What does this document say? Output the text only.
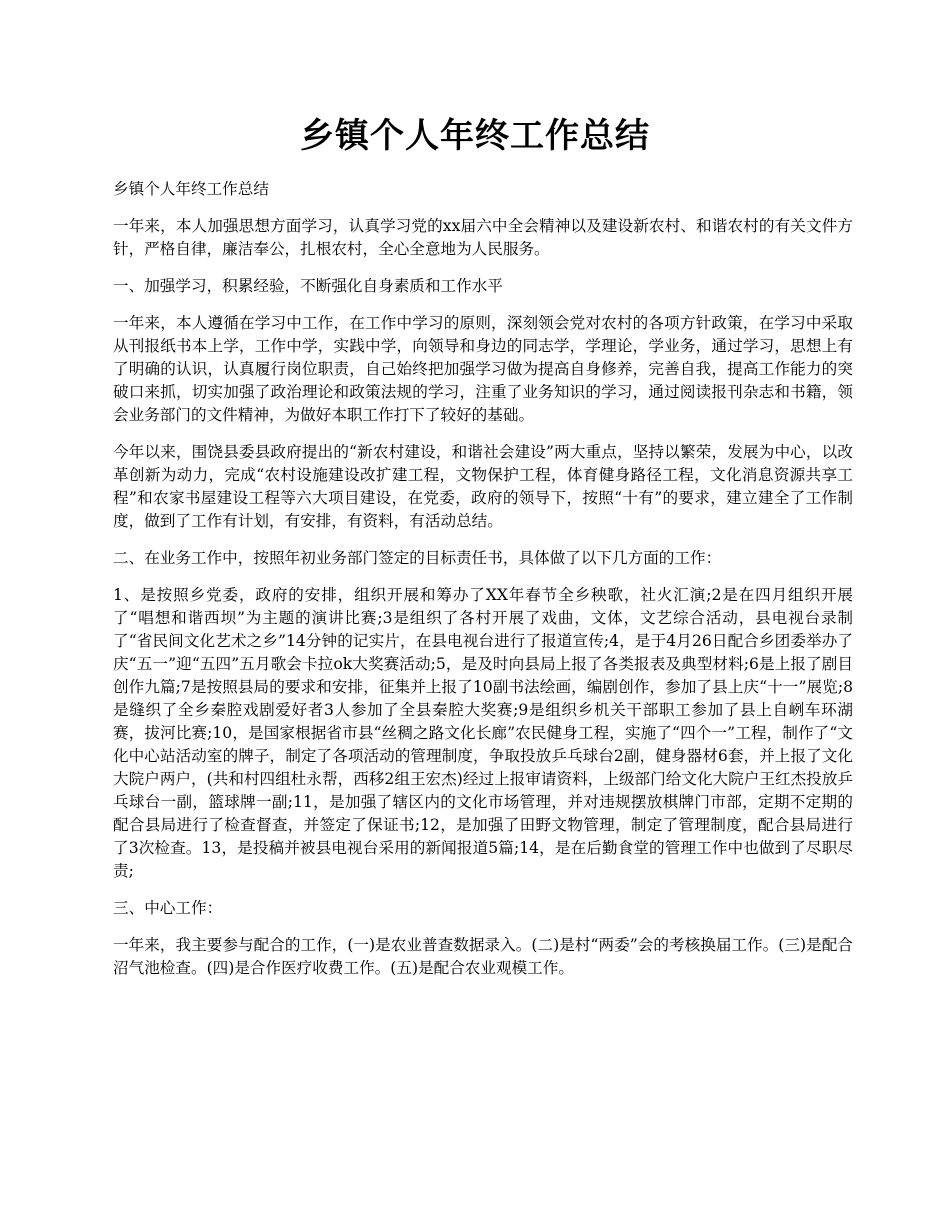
乡镇个人年终工作总结

乡镇个人年终工作总结

一年来，本人加强思想方面学习，认真学习党的xx届六中全会精神以及建设新农村、和谐农村的有关文件方针，严格自律，廉洁奉公，扎根农村，全心全意地为人民服务。

一、加强学习，积累经验，不断强化自身素质和工作水平

一年来，本人遵循在学习中工作，在工作中学习的原则，深刻领会党对农村的各项方针政策，在学习中采取从刊报纸书本上学，工作中学，实践中学，向领导和身边的同志学，学理论，学业务，通过学习，思想上有了明确的认识，认真履行岗位职责，自己始终把加强学习做为提高自身修养，完善自我，提高工作能力的突破口来抓，切实加强了政治理论和政策法规的学习，注重了业务知识的学习，通过阅读报刊杂志和书籍，领会业务部门的文件精神，为做好本职工作打下了较好的基础。

今年以来，围饶县委县政府提出的“新农村建设，和谐社会建设”两大重点，坚持以繁荣，发展为中心，以改革创新为动力，完成“农村设施建设改扩建工程，文物保护工程，体育健身路径工程，文化消息资源共享工程”和农家书屋建设工程等六大项目建设，在党委，政府的领导下，按照“十有”的要求，建立建全了工作制度，做到了工作有计划，有安排，有资料，有活动总结。

二、在业务工作中，按照年初业务部门签定的目标责任书，具体做了以下几方面的工作：

1、是按照乡党委，政府的安排，组织开展和筹办了XX年春节全乡秧歌，社火汇演;2是在四月组织开展了“唱想和谐西坝”为主题的演讲比赛;3是组织了各村开展了戏曲，文体，文艺综合活动，县电视台录制了“省民间文化艺术之乡”14分钟的记实片，在县电视台进行了报道宣传;4，是于4月26日配合乡团委举办了庆“五一”迎“五四”五月歌会卡拉ok大奖赛活动;5，是及时向县局上报了各类报表及典型材料;6是上报了剧目创作九篇;7是按照县局的要求和安排，征集并上报了10副书法绘画，编剧创作，参加了县上庆“十一”展览;8是缝织了全乡秦腔戏剧爱好者3人参加了全县秦腔大奖赛;9是组织乡机关干部职工参加了县上自峢车环湖赛，拔河比赛;10，是国家根据省市县“丝稠之路文化长廊”农民健身工程，实施了“四个一”工程，制作了“文化中心站活动室的牌子，制定了各项活动的管理制度，争取投放乒乓球台2副，健身器材6套，并上报了文化大院户两户，(共和村四组杜永帮，西移2组王宏杰)经过上报审请资料，上级部门给文化大院户王红杰投放乒乓球台一副，篮球牌一副;11，是加强了辖区内的文化市场管理，并对违规摆放棋牌门市部，定期不定期的配合县局进行了检查督查，并签定了保证书;12，是加强了田野文物管理，制定了管理制度，配合县局进行了3次检查。13，是投稿并被县电视台采用的新闻报道5篇;14，是在后勤食堂的管理工作中也做到了尽职尽责;

三、中心工作：

一年来，我主要参与配合的工作，(一)是农业普查数据录入。(二)是村“两委”会的考核换届工作。(三)是配合沼气池检查。(四)是合作医疗收费工作。(五)是配合农业观模工作。
